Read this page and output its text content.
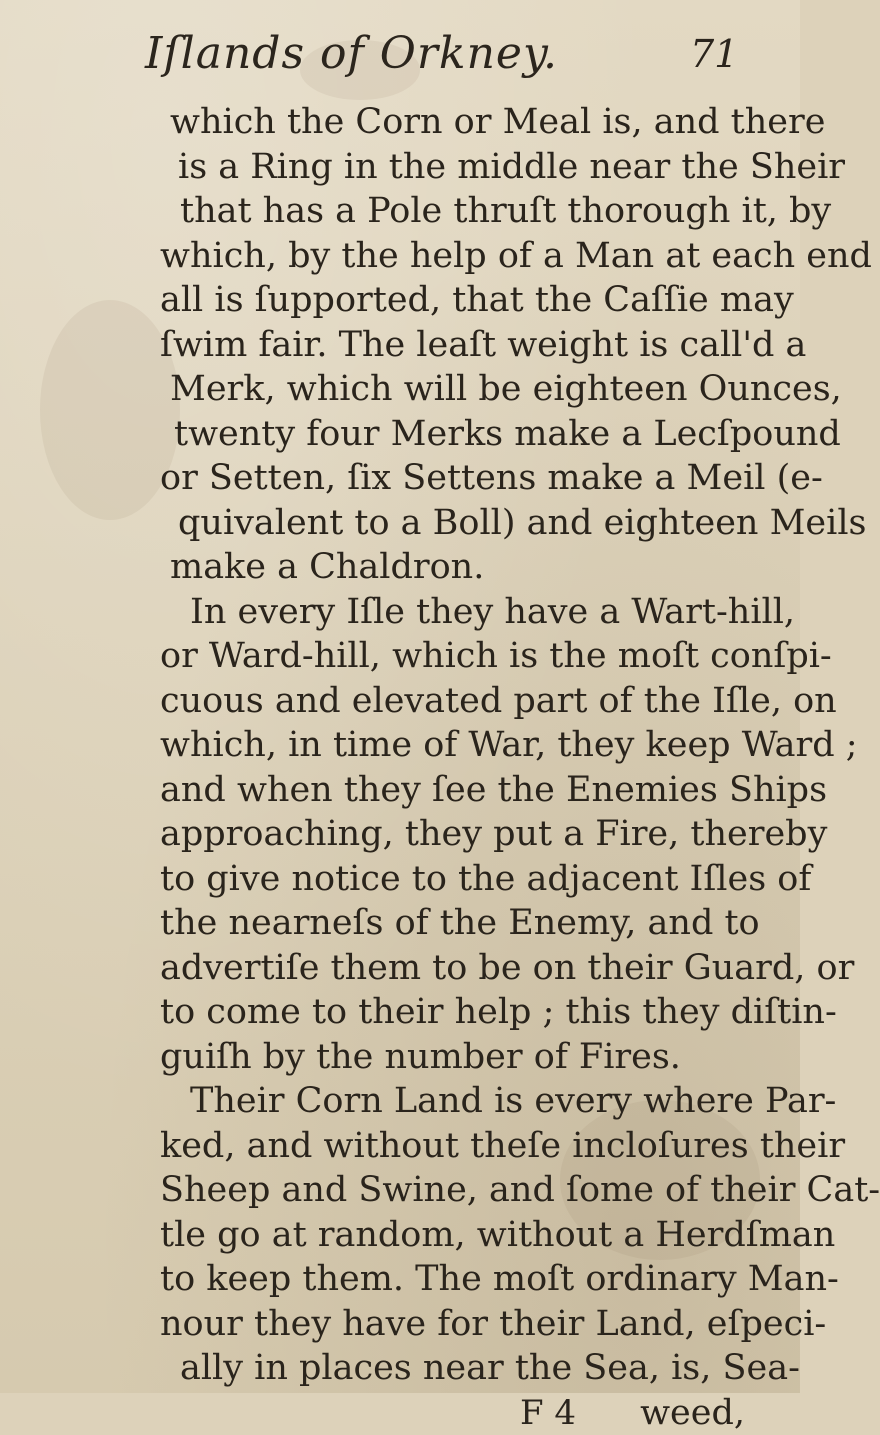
Iſlands of Orkney.	71
which the Corn or Meal is, and there
is a Ring in the middle near the Sheir
that has a Pole thruſt thorough it, by
which, by the help of a Man at each end
all is ſupported, that the Caſſie may
ſwim fair. The leaſt weight is call'd a
Merk, which will be eighteen Ounces,
twenty four Merks make a Lecſpound
or Setten, ſix Settens make a Meil (e-
quivalent to a Boll) and eighteen Meils
make a Chaldron.
In every Iſle they have a Wart-hill,
or Ward-hill, which is the moſt conſpi-
cuous and elevated part of the Iſle, on
which, in time of War, they keep Ward ;
and when they ſee the Enemies Ships
approaching, they put a Fire, thereby
to give notice to the adjacent Iſles of
the nearneſs of the Enemy, and to
advertiſe them to be on their Guard, or
to come to their help ; this they diſtin-
guiſh by the number of Fires.
Their Corn Land is every where Par-
ked, and without theſe incloſures their
Sheep and Swine, and ſome of their Cat-
tle go at random, without a Herdſman
to keep them. The moſt ordinary Man-
nour they have for their Land, eſpeci-
ally in places near the Sea, is, Sea-
F 4 weed,
